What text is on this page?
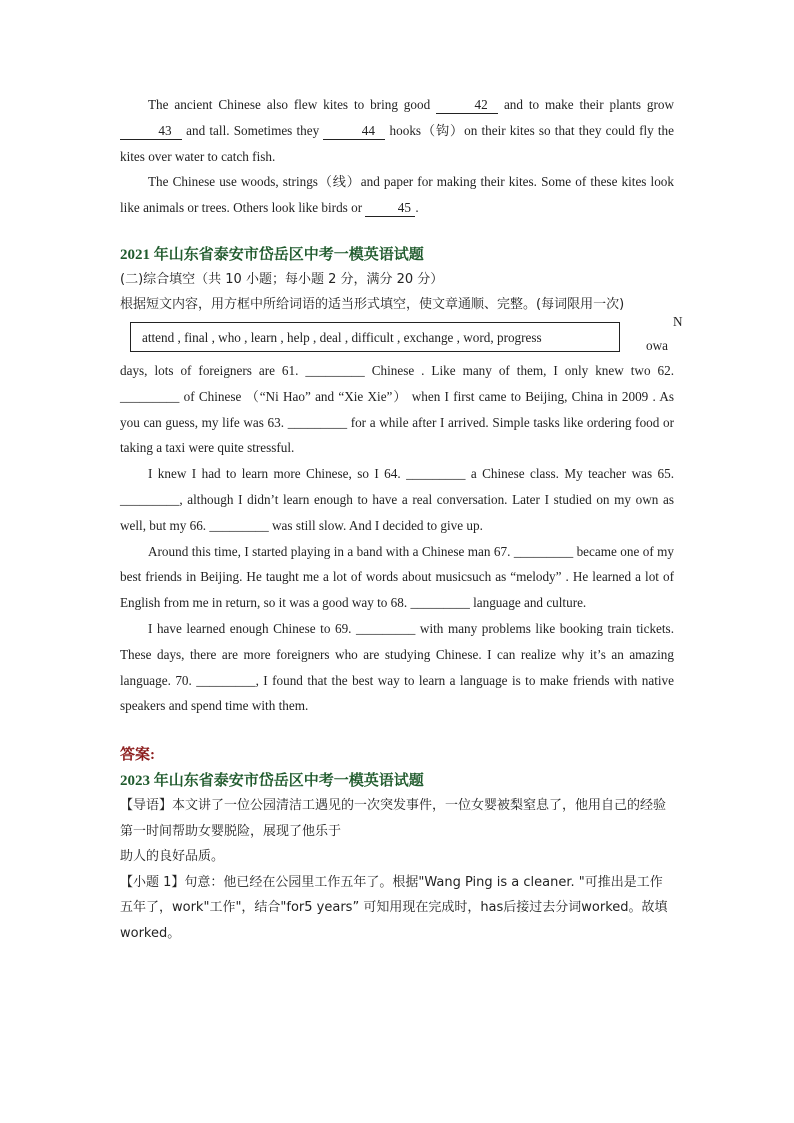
The ancient Chinese also flew kites to bring good	42 and to make their plants grow 43 and tall. Sometimes they	44 hooks（钩）on their kites so that they could fly the kites over water to catch fish.

The Chinese use woods, strings（线）and paper for making their kites. Some of these kites look like animals or trees. Others look like birds or 45 .

2021 年山东省泰安市岱岳区中考一模英语试题
(二)综合填空（共 10 小题；每小题 2 分，满分 20 分）
根据短文内容，用方框中所给词语的适当形式填空，使文章通顺、完整。(每词限用一次)
attend , final , who , learn , help , deal , difficult , exchange , word, progress
N
owa

days, lots of foreigners are 61. _________ Chinese . Like many of them, I only knew two 62. _________ of Chinese （“Ni Hao” and “Xie Xie”） when I first came to Beijing, China in 2009 . As you can guess, my life was 63. _________ for a while after I arrived. Simple tasks like ordering food or taking a taxi were quite stressful.

I knew I had to learn more Chinese, so I 64. _________ a Chinese class. My teacher was 65. _________, although I didn’t learn enough to have a real conversation. Later I studied on my own as well, but my 66. _________ was still slow. And I decided to give up.

Around this time, I started playing in a band with a Chinese man 67. _________ became one of my best friends in Beijing. He taught me a lot of words about musicsuch as “melody” . He learned a lot of English from me in return, so it was a good way to 68. _________ language and culture.

I have learned enough Chinese to 69. _________ with many problems like booking train tickets. These days, there are more foreigners who are studying Chinese. I can realize why it’s an amazing language. 70. _________, I found that the best way to learn a language is to make friends with native speakers and spend time with them.

答案:
2023 年山东省泰安市岱岳区中考一模英语试题
【导语】本文讲了一位公园清洁工遇见的一次突发事件，一位女婴被梨窒息了，他用自己的经验第一时间帮助女婴脱险，展现了他乐于
助人的良好品质。
【小题 1】句意：他已经在公园里工作五年了。根据"Wang Ping is a cleaner. "可推出是工作五年了，work"工作"，结合"for5 years” 可知用现在完成时，has后接过去分词worked。故填worked。
